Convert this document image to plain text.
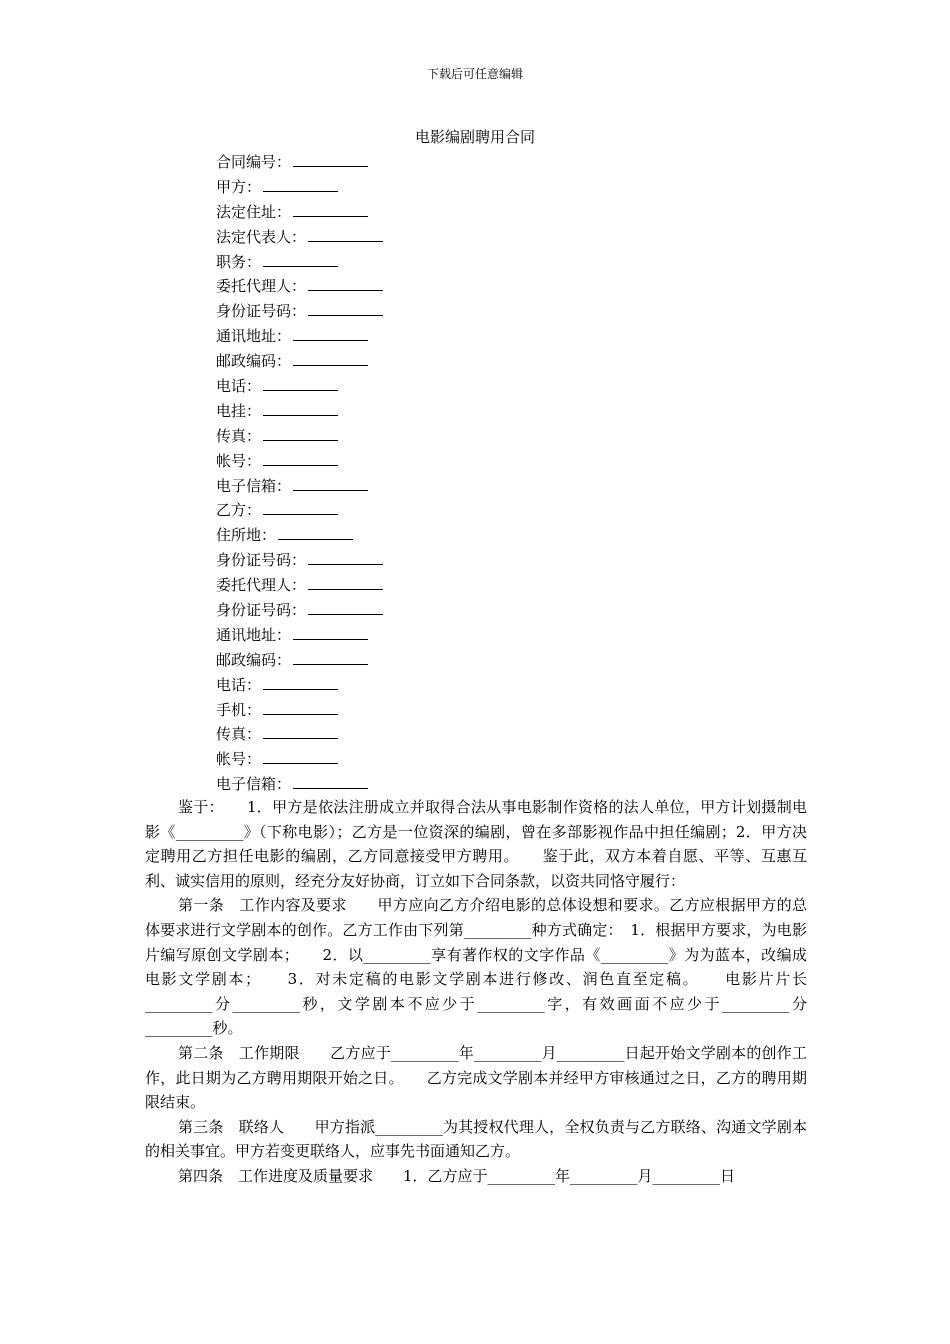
下载后可任意编辑
电影编剧聘用合同
合同编号：
甲方：
法定住址：
法定代表人：
职务：
委托代理人：
身份证号码：
通讯地址：
邮政编码：
电话：
电挂：
传真：
帐号：
电子信箱：
乙方：
住所地：
身份证号码：
委托代理人：
身份证号码：
通讯地址：
邮政编码：
电话：
手机：
传真：
帐号：
电子信箱：

鉴于：　　1．甲方是依法注册成立并取得合法从事电影制作资格的法人单位，甲方计划摄制电影《_________》（下称电影）；乙方是一位资深的编剧，曾在多部影视作品中担任编剧；2．甲方决定聘用乙方担任电影的编剧，乙方同意接受甲方聘用。　　鉴于此，双方本着自愿、平等、互惠互利、诚实信用的原则，经充分友好协商，订立如下合同条款，以资共同恪守履行：

第一条　工作内容及要求　　甲方应向乙方介绍电影的总体设想和要求。乙方应根据甲方的总体要求进行文学剧本的创作。乙方工作由下列第_________种方式确定：　1．根据甲方要求，为电影片编写原创文学剧本；　　2．以_________享有著作权的文字作品《_________》为为蓝本，改编成电影文学剧本；　　3．对未定稿的电影文学剧本进行修改、润色直至定稿。　　电影片片长_________分_________秒，文学剧本不应少于_________字，有效画面不应少于_________分_________秒。

第二条　工作期限　　乙方应于_________年_________月_________日起开始文学剧本的创作工作，此日期为乙方聘用期限开始之日。　　乙方完成文学剧本并经甲方审核通过之日，乙方的聘用期限结束。

第三条　联络人　　甲方指派_________为其授权代理人，全权负责与乙方联络、沟通文学剧本的相关事宜。甲方若变更联络人，应事先书面通知乙方。

第四条　工作进度及质量要求　　1．乙方应于_________年_________月_________日
